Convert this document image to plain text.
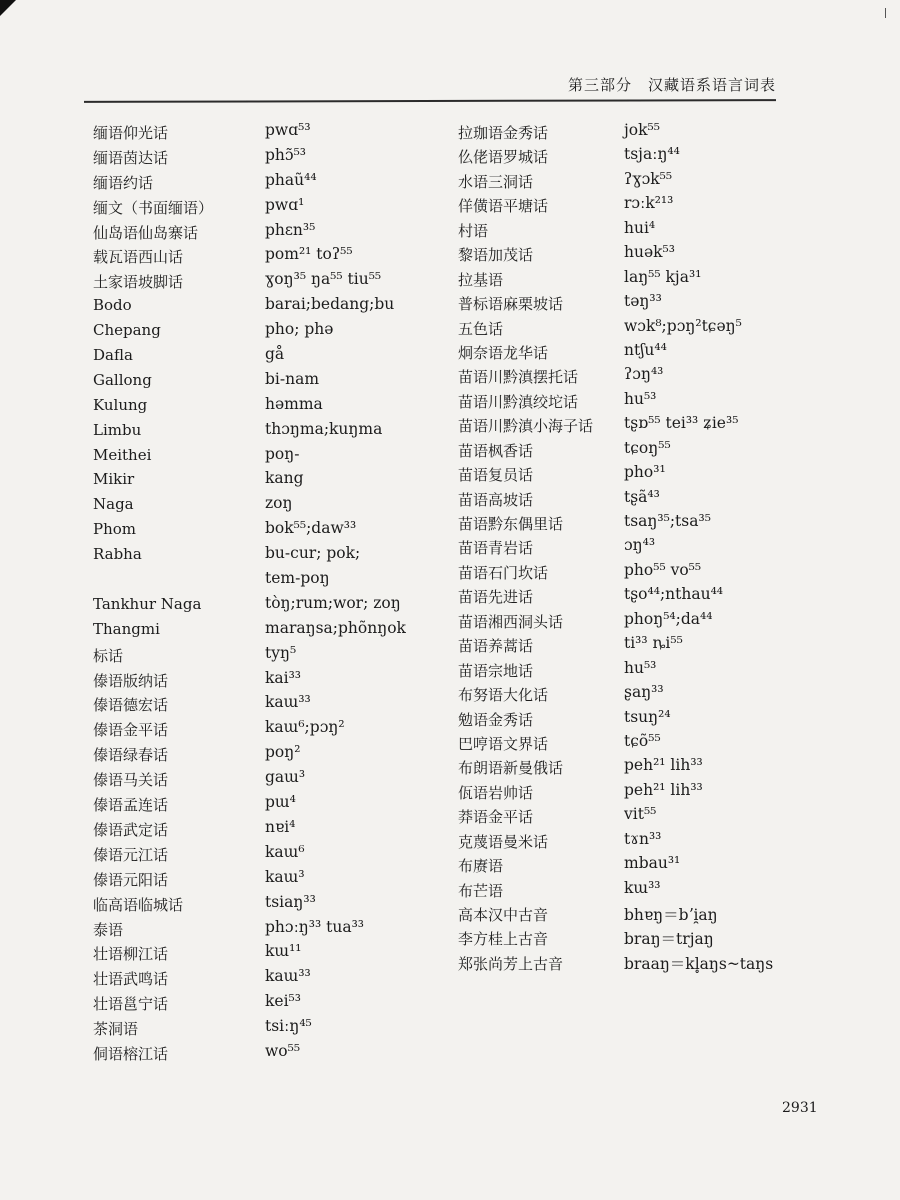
第三部分　汉藏语系语言词表
缅语仰光话	pwɑ⁵³
缅语茵达话	phɔ̃⁵³
缅语约话	phaũ⁴⁴
缅文（书面缅语）	pwɑ¹
仙岛语仙岛寨话	phɛn³⁵
载瓦语西山话	pom²¹ toʔ⁵⁵
土家语坡脚话	ɣoŋ³⁵ ŋa⁵⁵ tiu⁵⁵
Bodo	barai;bedang;bu
Chepang	pho; phə
Dafla	gå
Gallong	bi-nam
Kulung	həmma
Limbu	thɔŋma;kuŋma
Meithei	poŋ-
Mikir	kang
Naga	zoŋ
Phom	bok⁵⁵;daw³³
Rabha	bu-cur; pok;
tem-poŋ
Tankhur Naga	tòŋ;rum;wor; zoŋ
Thangmi	maraŋsa;phõnŋok
标话	tyŋ⁵
傣语版纳话	kai³³
傣语德宏话	kaɯ³³
傣语金平话	kaɯ⁶;pɔŋ²
傣语绿春话	poŋ²
傣语马关话	gaɯ³
傣语孟连话	pɯ⁴
傣语武定话	nɐi⁴
傣语元江话	kaɯ⁶
傣语元阳话	kaɯ³
临高语临城话	tsiaŋ³³
泰语	phɔːŋ³³ tua³³
壮语柳江话	kɯ¹¹
壮语武鸣话	kaɯ³³
壮语邕宁话	kei⁵³
茶洞语	tsiːŋ⁴⁵
侗语榕江话	wo⁵⁵
拉珈语金秀话	jok⁵⁵
仫佬语罗城话	tsjaːŋ⁴⁴
水语三洞话	ʔɣɔk⁵⁵
佯僙语平塘话	rɔːk²¹³
村语	hui⁴
黎语加茂话	huək⁵³
拉基语	laŋ⁵⁵ kja³¹
普标语麻栗坡话	təŋ³³
五色话	wɔk⁸;pɔŋ²tɕəŋ⁵
炯奈语龙华话	ntʃu⁴⁴
苗语川黔滇摆托话	ʔɔŋ⁴³
苗语川黔滇绞坨话	hu⁵³
苗语川黔滇小海子话 tʂɒ⁵⁵ tei³³ ʑie³⁵
苗语枫香话	tɕoŋ⁵⁵
苗语复员话	pho³¹
苗语高坡话	tʂã⁴³
苗语黔东偶里话	tsaŋ³⁵;tsa³⁵
苗语青岩话	ɔŋ⁴³
苗语石门坎话	pho⁵⁵ vo⁵⁵
苗语先进话	tʂo⁴⁴;nthau⁴⁴
苗语湘西洞头话	phoŋ⁵⁴;da⁴⁴
苗语养蒿话	ti³³ ȵi⁵⁵
苗语宗地话	hu⁵³
布努语大化话	ʂaŋ³³
勉语金秀话	tsuŋ²⁴
巴哼语文界话	tɕõ⁵⁵
布朗语新曼俄话	peh²¹ lih³³
佤语岩帅话	peh²¹ lih³³
莽语金平话	vit⁵⁵
克蔑语曼米话	tɤn³³
布赓语	mbau³¹
布芒语	kɯ³³
高本汉中古音	bhɐŋ＝bʼi̯aŋ
李方桂上古音	braŋ＝trjaŋ
郑张尚芳上古音	braaŋ＝kl̥aŋs~taŋs
2931
